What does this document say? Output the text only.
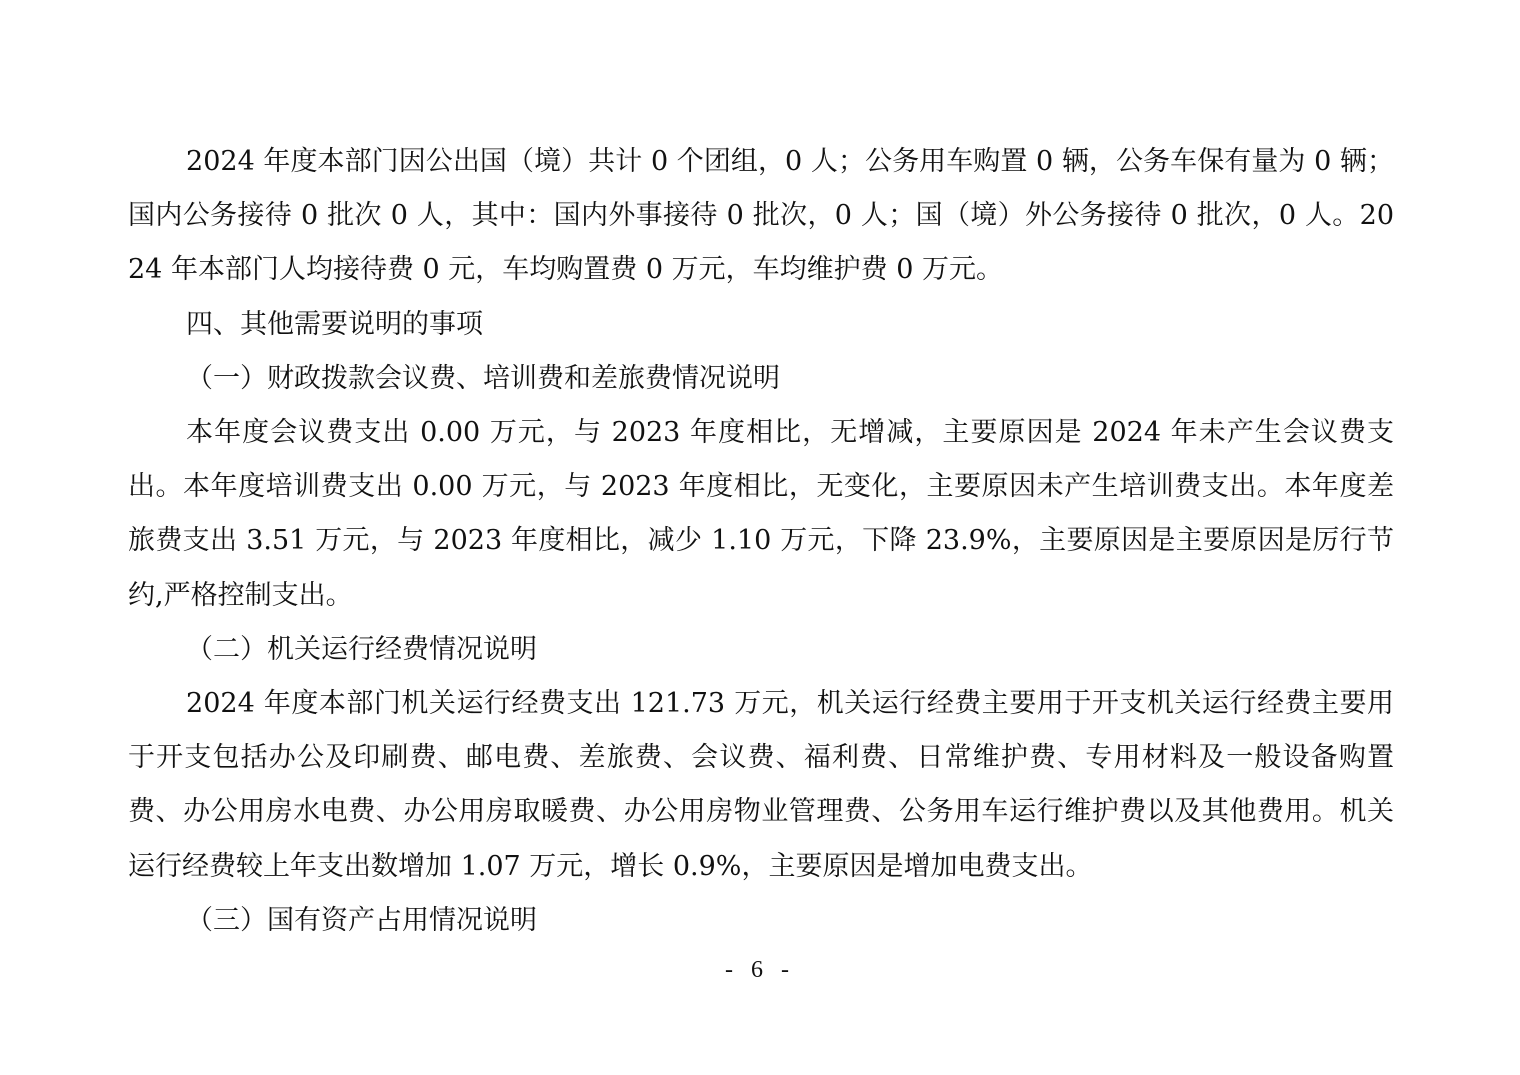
2024 年度本部门因公出国（境）共计 0 个团组，0 人；公务用车购置 0 辆，公务车保有量为 0 辆；国内公务接待 0 批次 0 人，其中：国内外事接待 0 批次，0 人；国（境）外公务接待 0 批次，0 人。2024 年本部门人均接待费 0 元，车均购置费 0 万元，车均维护费 0 万元。

四、其他需要说明的事项

（一）财政拨款会议费、培训费和差旅费情况说明

本年度会议费支出 0.00 万元，与 2023 年度相比，无增减，主要原因是 2024 年未产生会议费支出。本年度培训费支出 0.00 万元，与 2023 年度相比，无变化，主要原因未产生培训费支出。本年度差旅费支出 3.51 万元，与 2023 年度相比，减少 1.10 万元，下降 23.9%，主要原因是主要原因是厉行节约,严格控制支出。

（二）机关运行经费情况说明

2024 年度本部门机关运行经费支出 121.73 万元，机关运行经费主要用于开支机关运行经费主要用于开支包括办公及印刷费、邮电费、差旅费、会议费、福利费、日常维护费、专用材料及一般设备购置费、办公用房水电费、办公用房取暖费、办公用房物业管理费、公务用车运行维护费以及其他费用。机关运行经费较上年支出数增加 1.07 万元，增长 0.9%，主要原因是增加电费支出。

（三）国有资产占用情况说明

- 6 -
